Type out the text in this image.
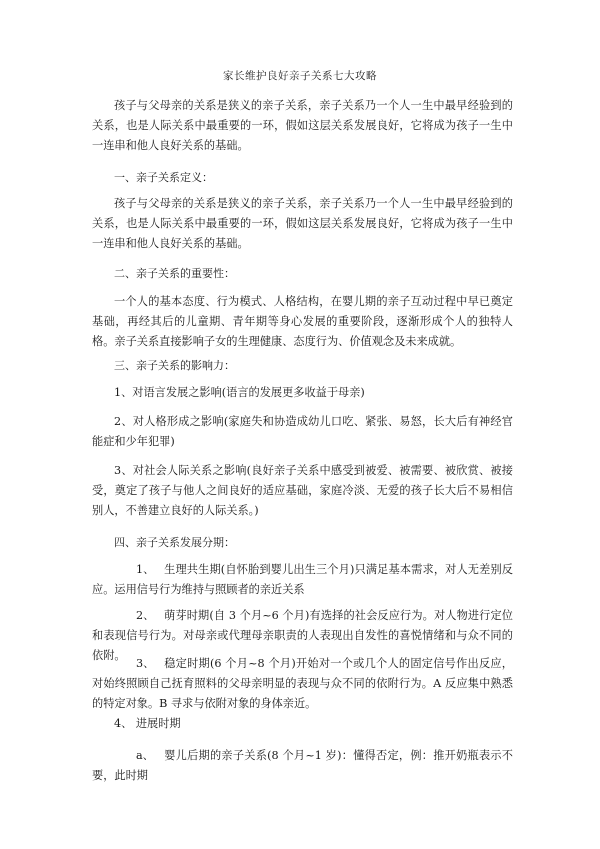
家长维护良好亲子关系七大攻略

孩子与父母亲的关系是狭义的亲子关系，亲子关系乃一个人一生中最早经验到的关系，也是人际关系中最重要的一环，假如这层关系发展良好，它将成为孩子一生中一连串和他人良好关系的基础。

一、亲子关系定义：

孩子与父母亲的关系是狭义的亲子关系，亲子关系乃一个人一生中最早经验到的关系，也是人际关系中最重要的一环，假如这层关系发展良好，它将成为孩子一生中一连串和他人良好关系的基础。

二、亲子关系的重要性：

一个人的基本态度、行为模式、人格结构，在婴儿期的亲子互动过程中早已奠定基础，再经其后的儿童期、青年期等身心发展的重要阶段，逐渐形成个人的独特人格。亲子关系直接影响子女的生理健康、态度行为、价值观念及未来成就。

三、亲子关系的影响力：

1、对语言发展之影响(语言的发展更多收益于母亲)

2、对人格形成之影响(家庭失和协造成幼儿口吃、紧张、易怒，长大后有神经官能症和少年犯罪)

3、对社会人际关系之影响(良好亲子关系中感受到被爱、被需要、被欣赏、被接受，奠定了孩子与他人之间良好的适应基础，家庭冷淡、无爱的孩子长大后不易相信别人，不善建立良好的人际关系。)

四、亲子关系发展分期：

1、 生理共生期(自怀胎到婴儿出生三个月)只满足基本需求，对人无差别反应。运用信号行为维持与照顾者的亲近关系

2、 萌芽时期(自 3 个月~6 个月)有选择的社会反应行为。对人物进行定位和表现信号行为。对母亲或代理母亲职责的人表现出自发性的喜悦情绪和与众不同的依附。

3、 稳定时期(6 个月~8 个月)开始对一个或几个人的固定信号作出反应，对始终照顾自己抚育照料的父母亲明显的表现与众不同的依附行为。A 反应集中熟悉的特定对象。B 寻求与依附对象的身体亲近。

4、 进展时期

a、 婴儿后期的亲子关系(8 个月~1 岁)：懂得否定，例：推开奶瓶表示不要，此时期
